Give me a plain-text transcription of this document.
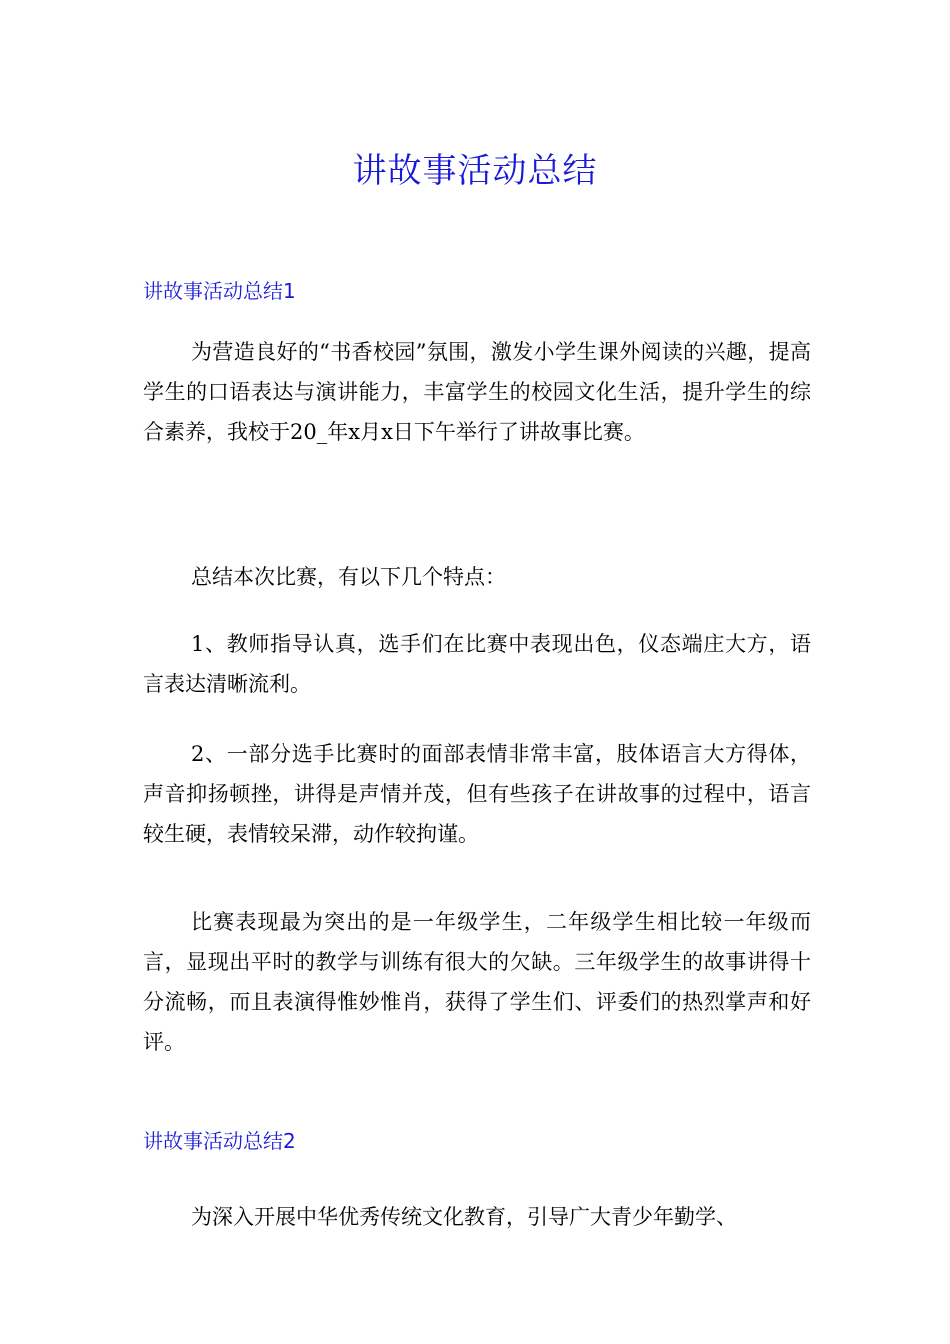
讲故事活动总结
讲故事活动总结1

为营造良好的“书香校园”氛围，激发小学生课外阅读的兴趣，提高学生的口语表达与演讲能力，丰富学生的校园文化生活，提升学生的综合素养，我校于20_年x月x日下午举行了讲故事比赛。

总结本次比赛，有以下几个特点：

1、教师指导认真，选手们在比赛中表现出色，仪态端庄大方，语言表达清晰流利。

2、一部分选手比赛时的面部表情非常丰富，肢体语言大方得体，声音抑扬顿挫，讲得是声情并茂，但有些孩子在讲故事的过程中，语言较生硬，表情较呆滞，动作较拘谨。

比赛表现最为突出的是一年级学生，二年级学生相比较一年级而言，显现出平时的教学与训练有很大的欠缺。三年级学生的故事讲得十分流畅，而且表演得惟妙惟肖，获得了学生们、评委们的热烈掌声和好评。

讲故事活动总结2

为深入开展中华优秀传统文化教育，引导广大青少年勤学、
